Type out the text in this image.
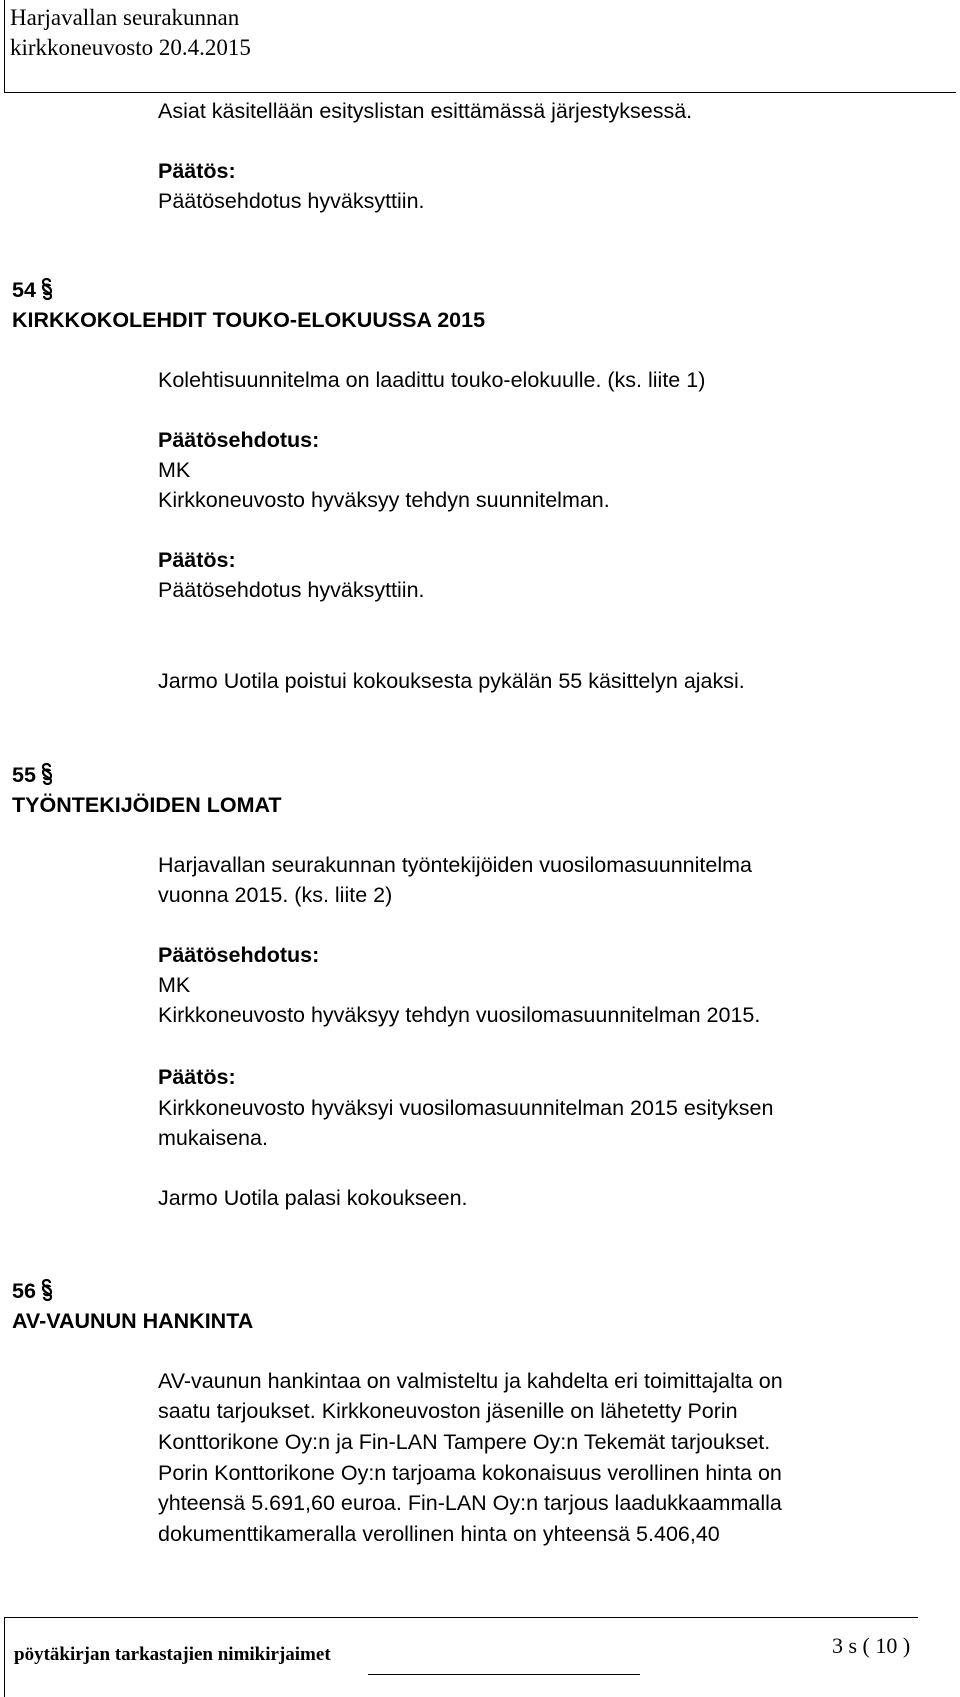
Harjavallan seurakunnan
kirkkoneuvosto 20.4.2015
Asiat käsitellään esityslistan esittämässä järjestyksessä.
Päätös:
Päätösehdotus hyväksyttiin.
54
KIRKKOKOLEHDIT TOUKO-ELOKUUSSA 2015
Kolehtisuunnitelma on laadittu touko-elokuulle. (ks. liite 1)
Päätösehdotus:
MK
Kirkkoneuvosto hyväksyy tehdyn suunnitelman.
Päätös:
Päätösehdotus hyväksyttiin.
Jarmo Uotila poistui kokouksesta pykälän 55 käsittelyn ajaksi.
55
TYÖNTEKIJÖIDEN LOMAT
Harjavallan seurakunnan työntekijöiden vuosilomasuunnitelma
vuonna 2015. (ks. liite 2)
Päätösehdotus:
MK
Kirkkoneuvosto hyväksyy tehdyn vuosilomasuunnitelman 2015.
Päätös:
Kirkkoneuvosto hyväksyi vuosilomasuunnitelman 2015 esityksen
mukaisena.
Jarmo Uotila palasi kokoukseen.
56
AV-VAUNUN HANKINTA
AV-vaunun hankintaa on valmisteltu ja kahdelta eri toimittajalta on
saatu tarjoukset. Kirkkoneuvoston jäsenille on lähetetty Porin
Konttorikone Oy:n ja Fin-LAN Tampere Oy:n Tekemät tarjoukset.
Porin Konttorikone Oy:n tarjoama kokonaisuus verollinen hinta on
yhteensä 5.691,60 euroa. Fin-LAN Oy:n tarjous laadukkaammalla
dokumenttikameralla verollinen hinta on yhteensä 5.406,40
pöytäkirjan tarkastajien nimikirjaimet	3 s ( 10 )
